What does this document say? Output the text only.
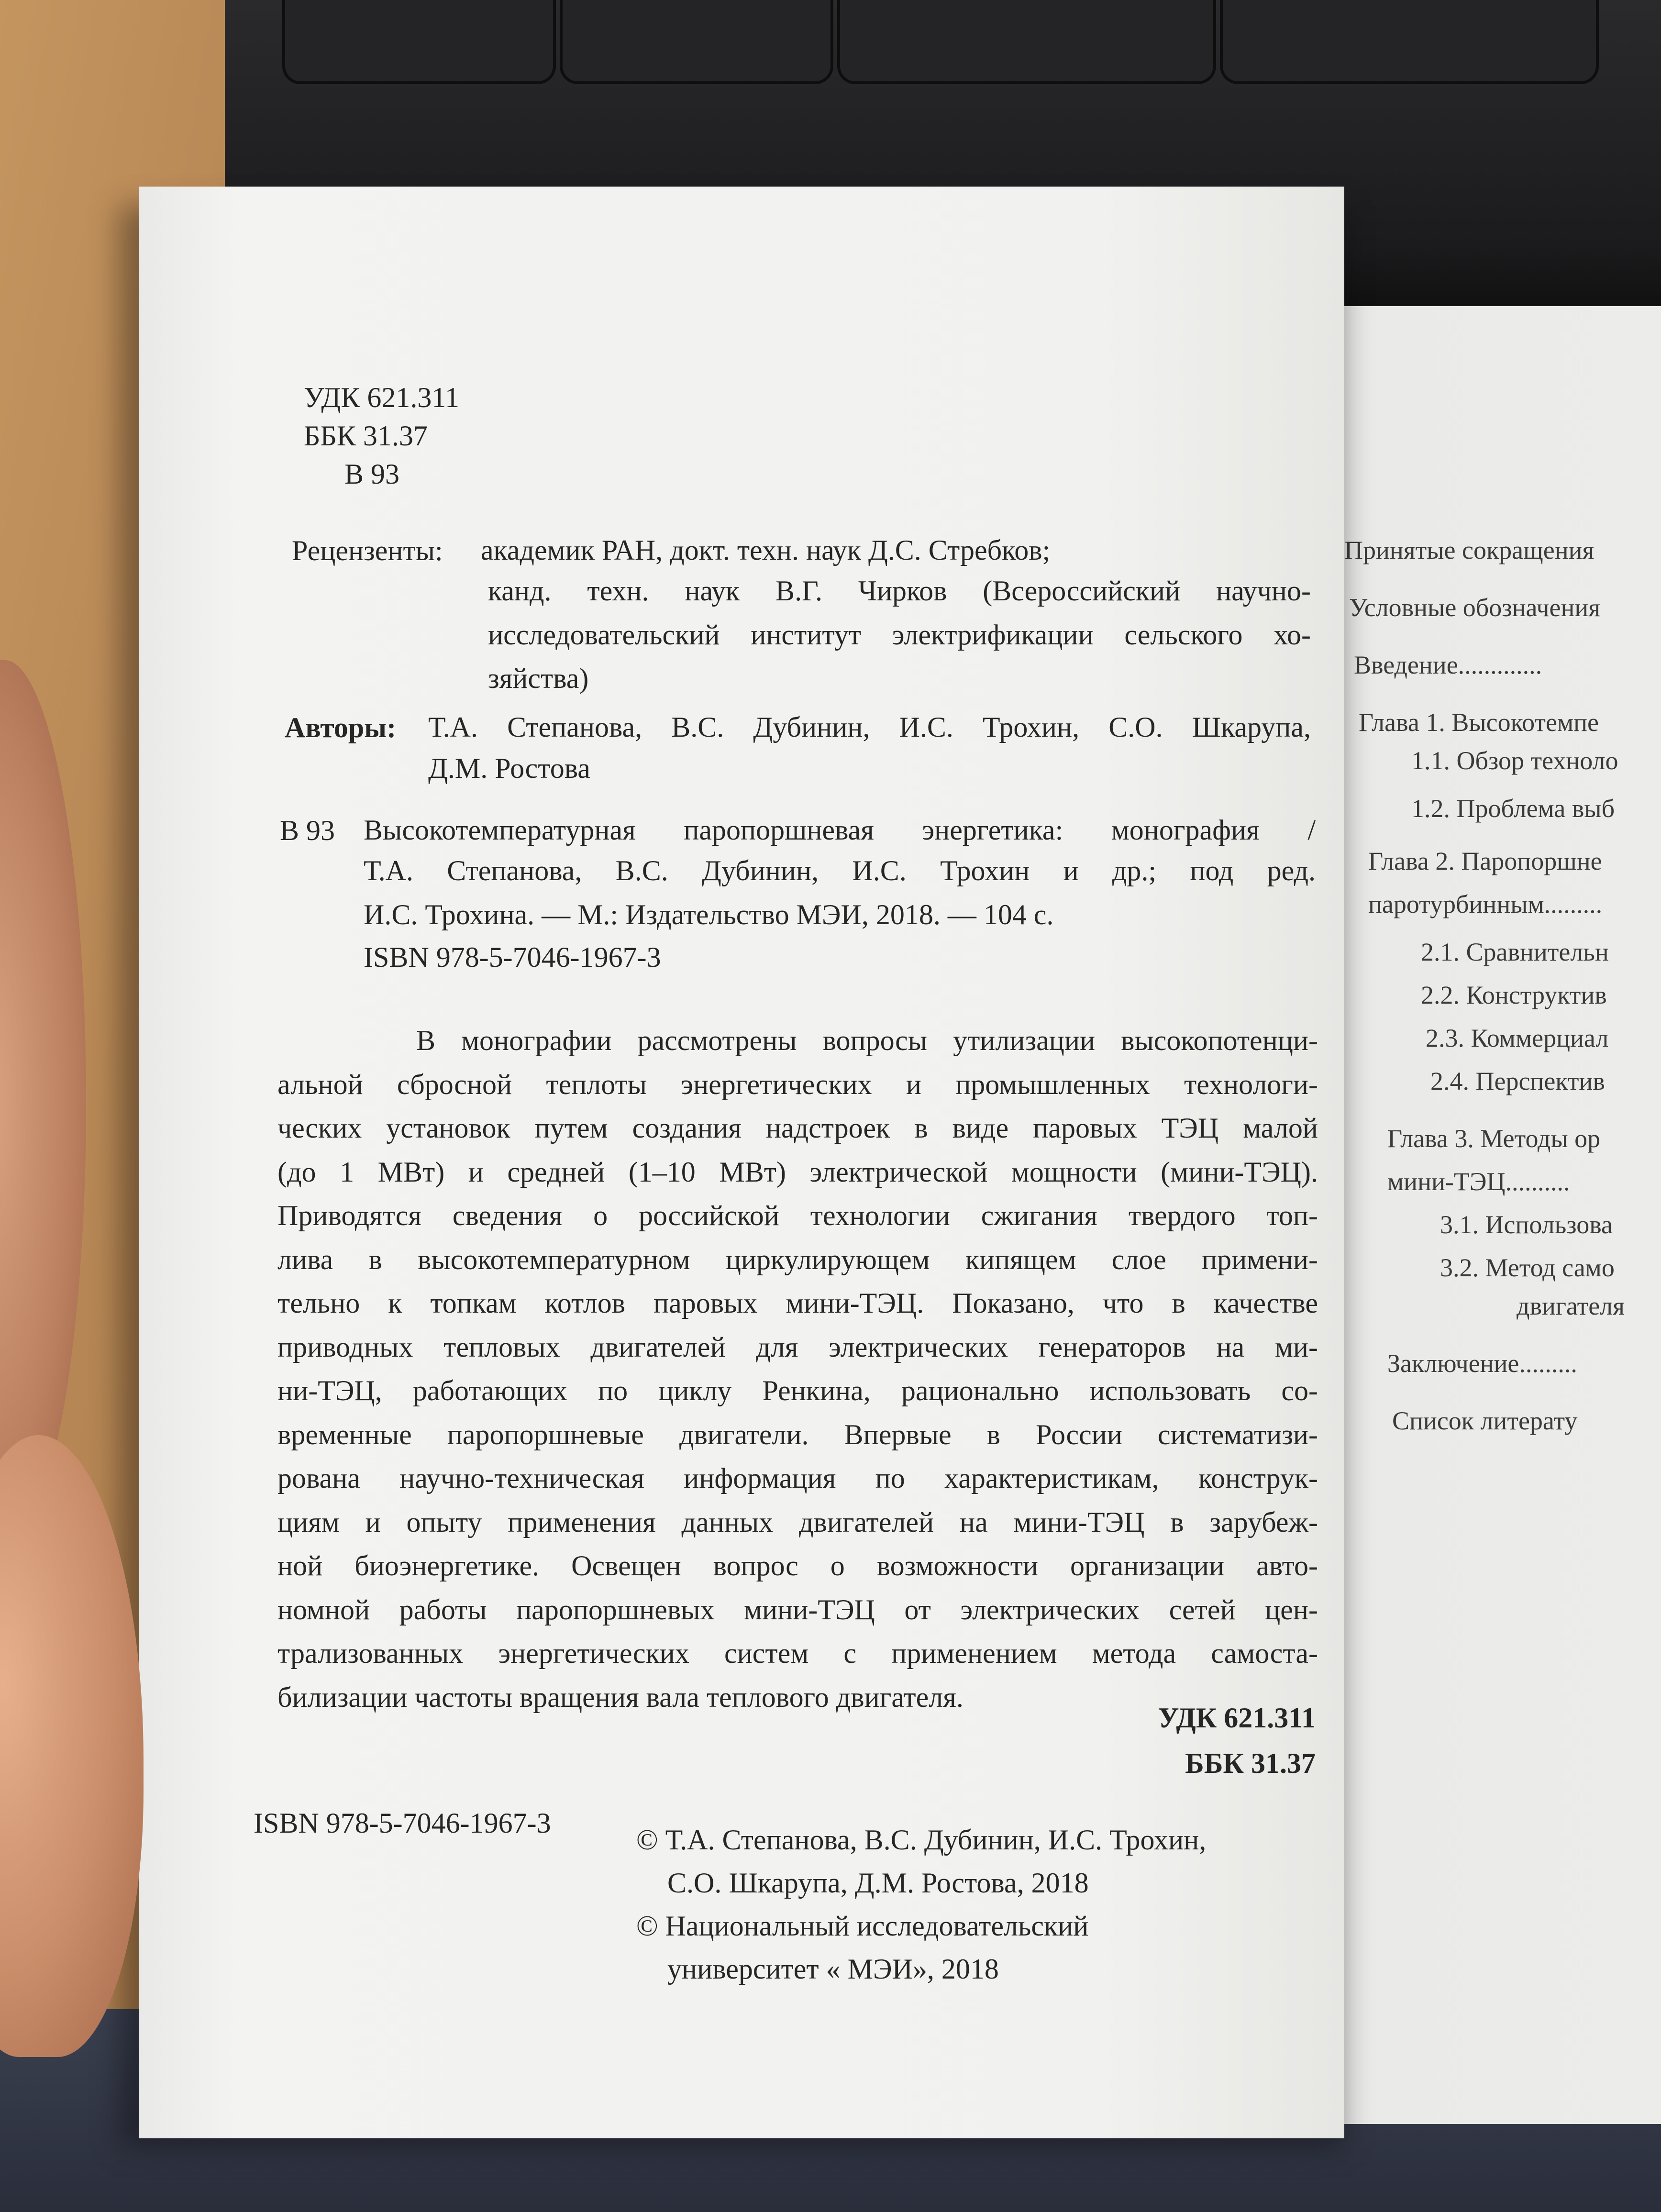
Принятые сокращения
Условные обозначения
Введение.............
Глава 1. Высокотемпе
1.1. Обзор техноло
1.2. Проблема выб
Глава 2. Паропоршне
паротурбинным.........
2.1. Сравнительн
2.2. Конструктив
2.3. Коммерциал
2.4. Перспектив
Глава 3. Методы ор
мини-ТЭЦ..........
3.1. Использова
3.2. Метод само
двигателя
Заключение.........
Список литерату
УДК 621.311
ББК 31.37
В 93
Рецензенты: академик РАН, докт. техн. наук Д.С. Стребков;
канд. техн. наук В.Г. Чирков (Всероссийский научно-
исследовательский институт электрификации сельского хо-
зяйства)
Авторы: Т.А. Степанова, В.С. Дубинин, И.С. Трохин, С.О. Шкарупа,
Д.М. Ростова
В 93 Высокотемпературная паропоршневая энергетика: монография /
Т.А. Степанова, В.С. Дубинин, И.С. Трохин и др.; под ред.
И.С. Трохина. — М.: Издательство МЭИ, 2018. — 104 с.
ISBN 978-5-7046-1967-3
В монографии рассмотрены вопросы утилизации высокопотенци-
альной сбросной теплоты энергетических и промышленных технологи-
ческих установок путем создания надстроек в виде паровых ТЭЦ малой
(до 1 МВт) и средней (1–10 МВт) электрической мощности (мини-ТЭЦ).
Приводятся сведения о российской технологии сжигания твердого топ-
лива в высокотемпературном циркулирующем кипящем слое примени-
тельно к топкам котлов паровых мини-ТЭЦ. Показано, что в качестве
приводных тепловых двигателей для электрических генераторов на ми-
ни-ТЭЦ, работающих по циклу Ренкина, рационально использовать со-
временные паропоршневые двигатели. Впервые в России систематизи-
рована научно-техническая информация по характеристикам, конструк-
циям и опыту применения данных двигателей на мини-ТЭЦ в зарубеж-
ной биоэнергетике. Освещен вопрос о возможности организации авто-
номной работы паропоршневых мини-ТЭЦ от электрических сетей цен-
трализованных энергетических систем с применением метода самоста-
билизации частоты вращения вала теплового двигателя.
УДК 621.311
ББК 31.37
ISBN 978-5-7046-1967-3
© Т.А. Степанова, В.С. Дубинин, И.С. Трохин,
С.О. Шкарупа, Д.М. Ростова, 2018
© Национальный исследовательский
университет « МЭИ», 2018
